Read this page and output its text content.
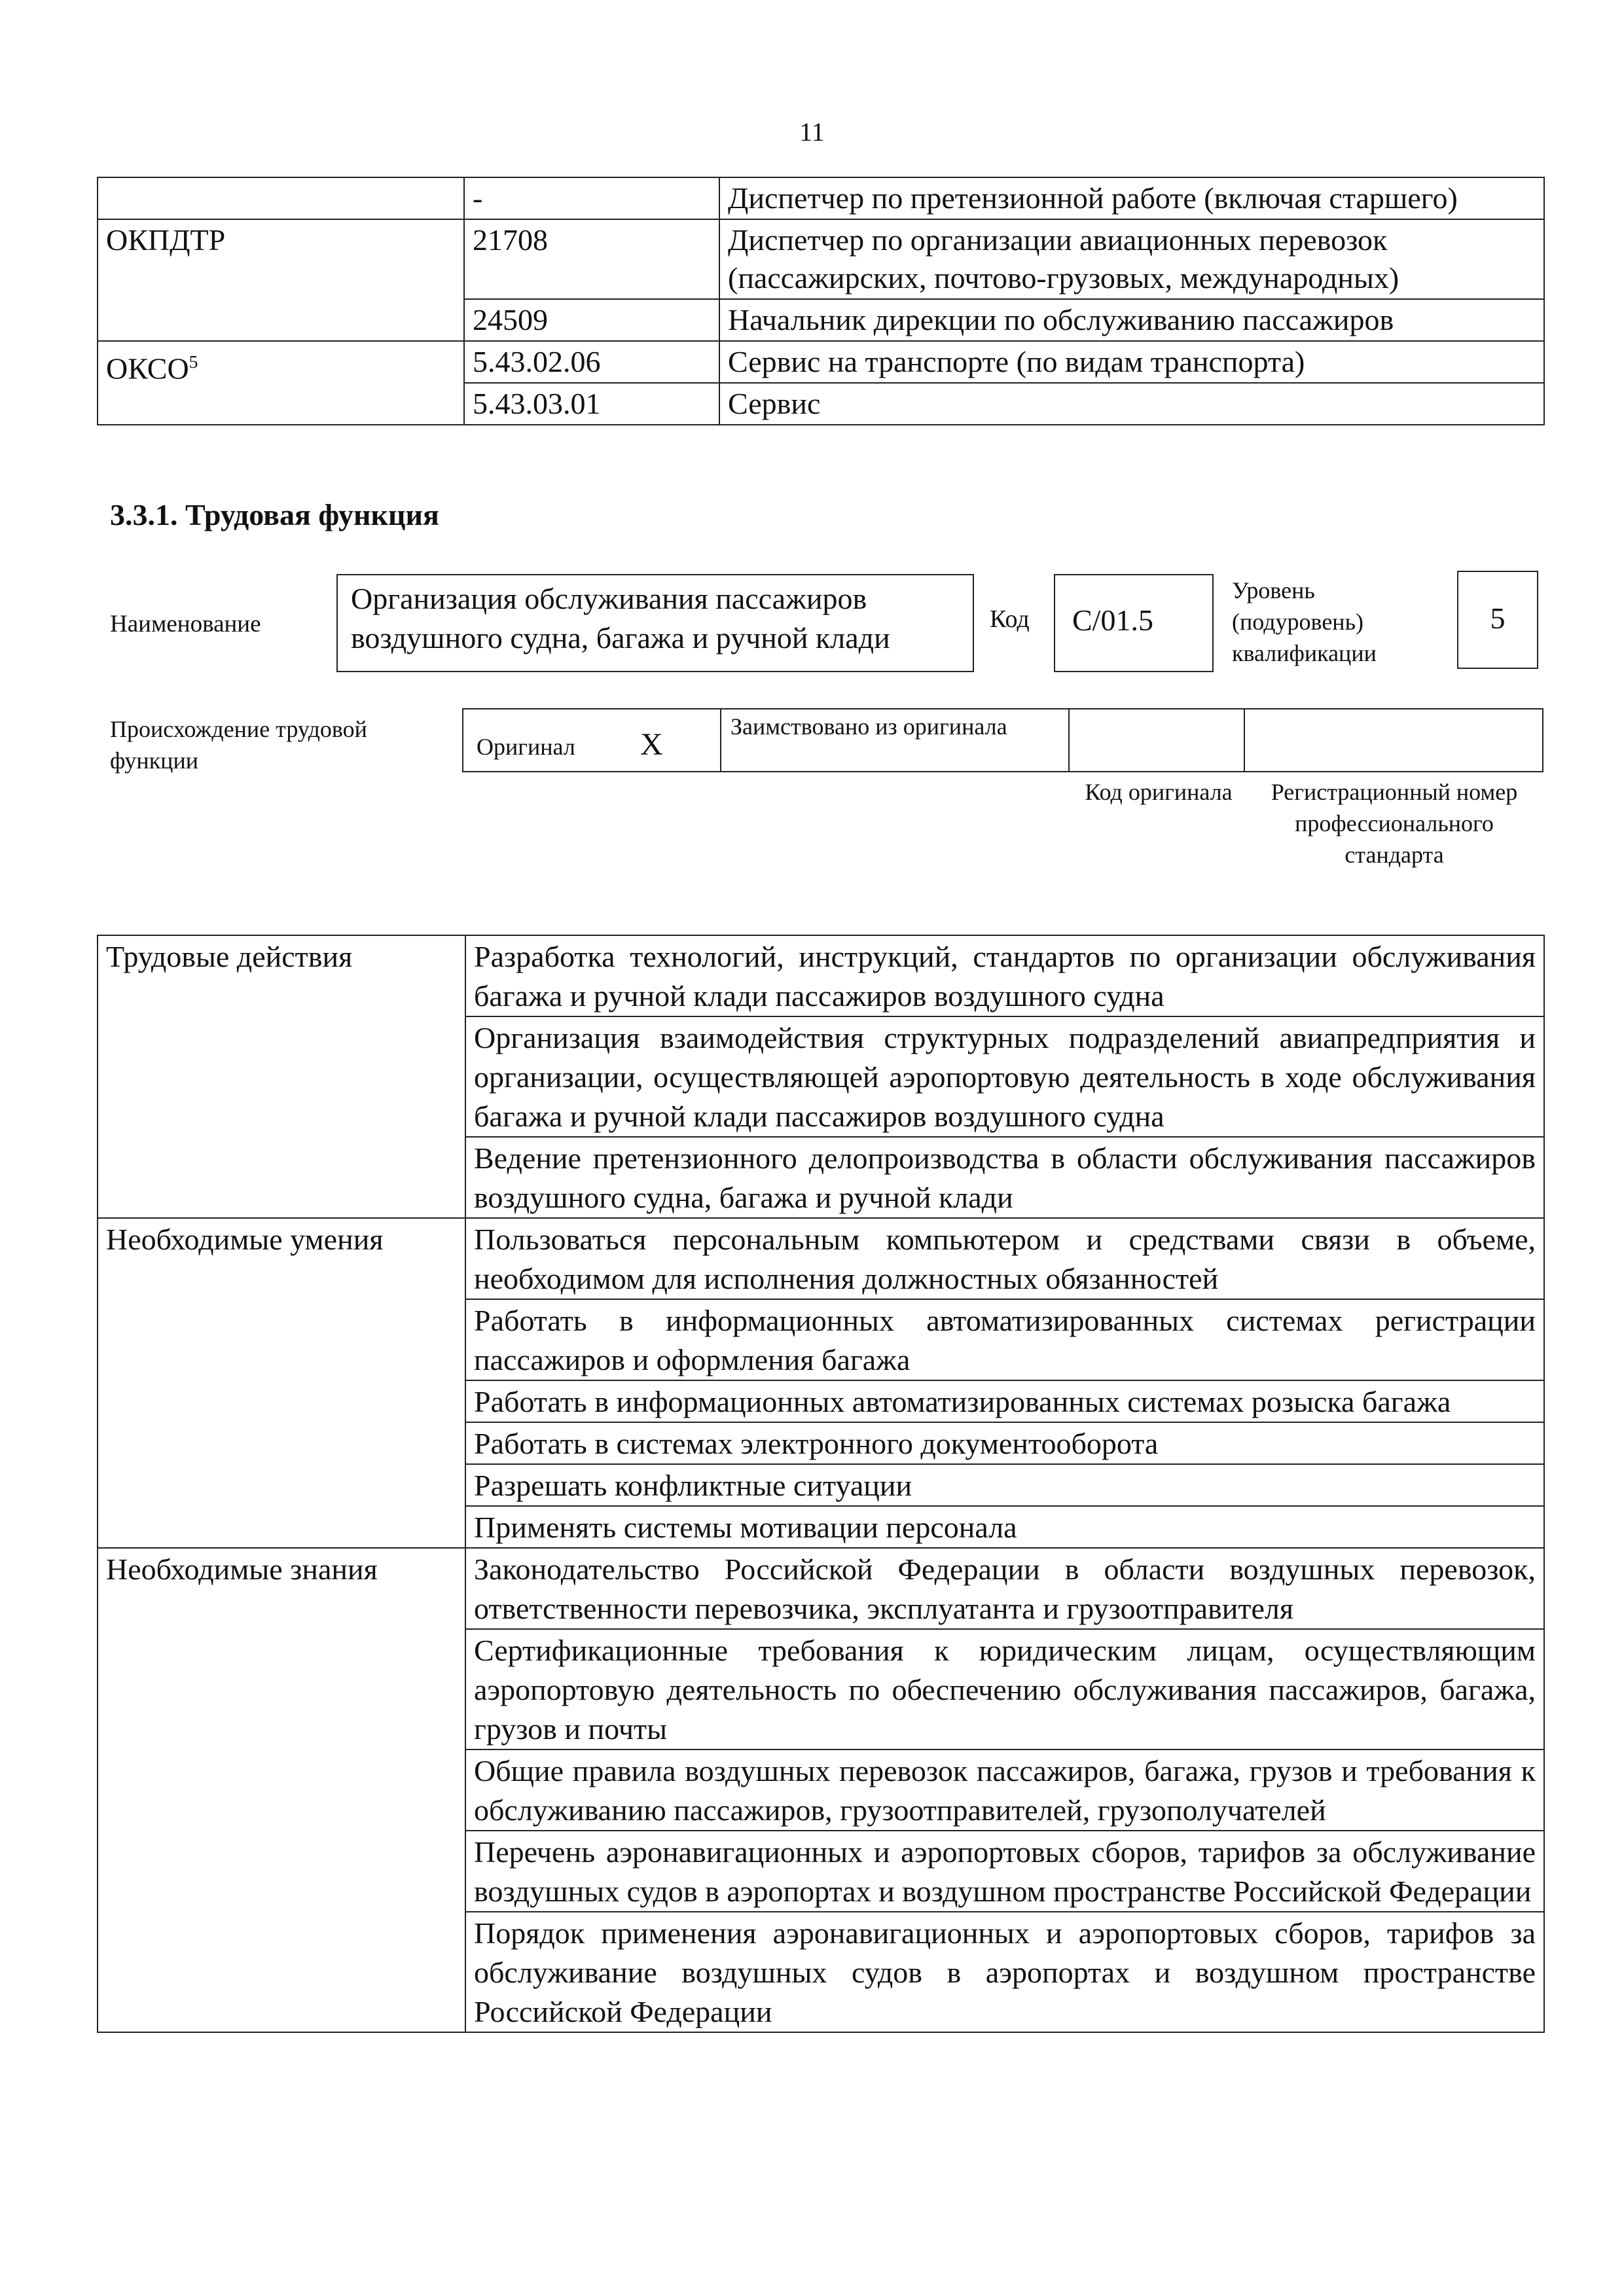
11
	-	Диспетчер по претензионной работе (включая старшего)
ОКПДТР	21708	Диспетчер по организации авиационных перевозок (пассажирских, почтово-грузовых, международных)
	24509	Начальник дирекции по обслуживанию пассажиров
ОКСО$^5$	5.43.02.06	Сервис на транспорте (по видам транспорта)
	5.43.03.01	Сервис
3.3.1. Трудовая функция
Наименование
Организация обслуживания пассажиров воздушного судна, багажа и ручной клади
Код	С/01.5
Уровень (подуровень) квалификации
5
Происхождение трудовой функции
Оригинал X
Заимствовано из оригинала
Код оригинала	Регистрационный номер профессионального стандарта
Трудовые действия	Разработка технологий, инструкций, стандартов по организации обслуживания багажа и ручной клади пассажиров воздушного судна
	Организация взаимодействия структурных подразделений авиапредприятия и организации, осуществляющей аэропортовую деятельность в ходе обслуживания багажа и ручной клади пассажиров воздушного судна
	Ведение претензионного делопроизводства в области обслуживания пассажиров воздушного судна, багажа и ручной клади
Необходимые умения	Пользоваться персональным компьютером и средствами связи в объеме, необходимом для исполнения должностных обязанностей
	Работать в информационных автоматизированных системах регистрации пассажиров и оформления багажа
	Работать в информационных автоматизированных системах розыска багажа
	Работать в системах электронного документооборота
	Разрешать конфликтные ситуации
	Применять системы мотивации персонала
Необходимые знания	Законодательство Российской Федерации в области воздушных перевозок, ответственности перевозчика, эксплуатанта и грузоотправителя
	Сертификационные требования к юридическим лицам, осуществляющим аэропортовую деятельность по обеспечению обслуживания пассажиров, багажа, грузов и почты
	Общие правила воздушных перевозок пассажиров, багажа, грузов и требования к обслуживанию пассажиров, грузоотправителей, грузополучателей
	Перечень аэронавигационных и аэропортовых сборов, тарифов за обслуживание воздушных судов в аэропортах и воздушном пространстве Российской Федерации
	Порядок применения аэронавигационных и аэропортовых сборов, тарифов за обслуживание воздушных судов в аэропортах и воздушном пространстве Российской Федерации
